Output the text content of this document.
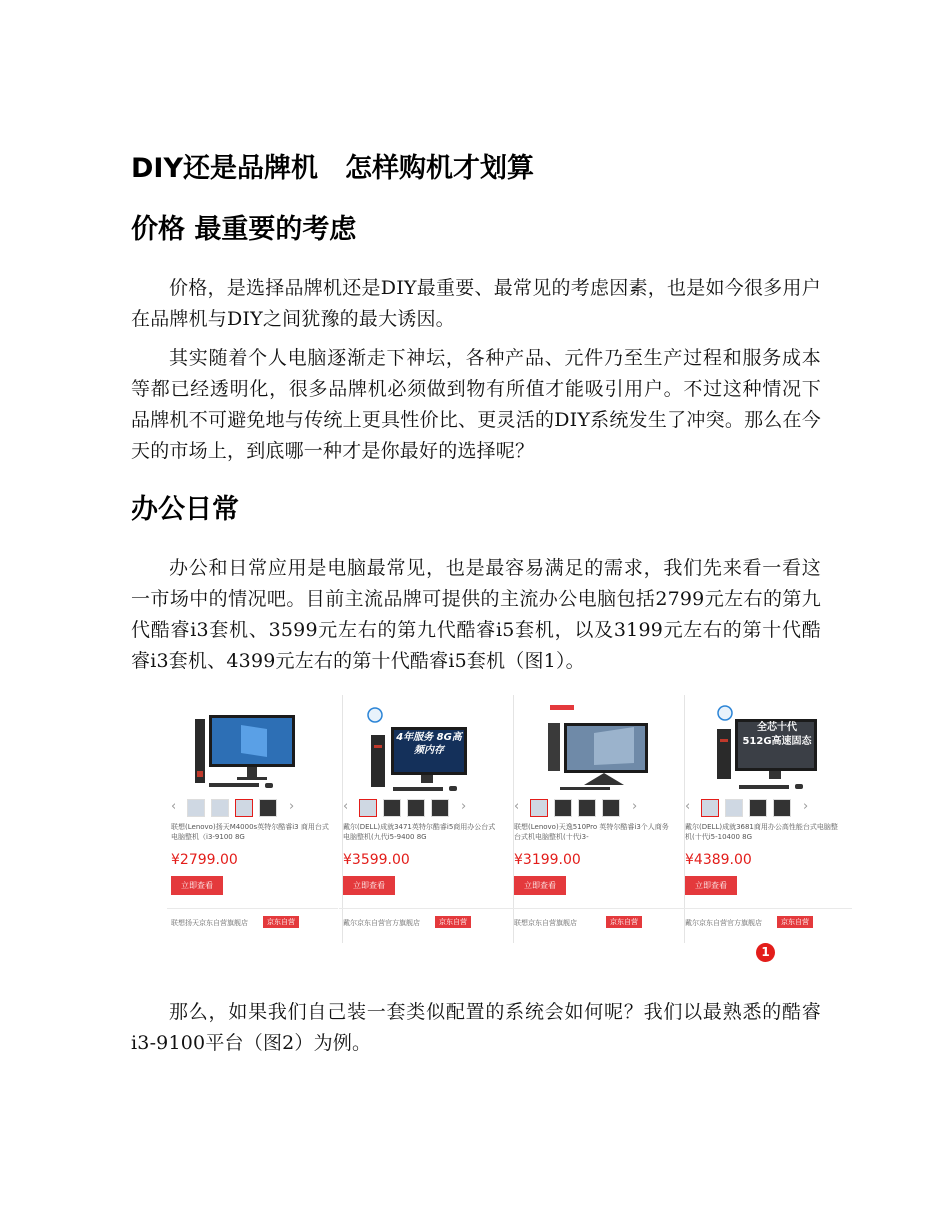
DIY还是品牌机　怎样购机才划算
价格 最重要的考虑

价格，是选择品牌机还是DIY最重要、最常见的考虑因素，也是如今很多用户在品牌机与DIY之间犹豫的最大诱因。

其实随着个人电脑逐渐走下神坛，各种产品、元件乃至生产过程和服务成本等都已经透明化，很多品牌机必须做到物有所值才能吸引用户。不过这种情况下品牌机不可避免地与传统上更具性价比、更灵活的DIY系统发生了冲突。那么在今天的市场上，到底哪一种才是你最好的选择呢？

办公日常

办公和日常应用是电脑最常见，也是最容易满足的需求，我们先来看一看这一市场中的情况吧。目前主流品牌可提供的主流办公电脑包括2799元左右的第九代酷睿i3套机、3599元左右的第九代酷睿i5套机，以及3199元左右的第十代酷睿i3套机、4399元左右的第十代酷睿i5套机（图1）。

‹	›
联想(Lenovo)扬天M4000s英特尔酷睿i3 商用台式电脑整机（i3-9100 8G
¥2799.00
立即查看
联想扬天京东自营旗舰店	京东自营
4年服务 8G高频内存
‹	›
戴尔(DELL)成就3471英特尔酷睿i5商用办公台式电脑整机(九代i5-9400 8G
¥3599.00
立即查看
戴尔京东自营官方旗舰店	京东自营
‹	›
联想(Lenovo)天逸510Pro 英特尔酷睿i3个人商务台式机电脑整机(十代i3-
¥3199.00
立即查看
联想京东自营旗舰店	京东自营
全芯十代 512G高速固态
‹	›
戴尔(DELL)成就3681商用办公高性能台式电脑整机(十代i5-10400 8G
¥4389.00
立即查看
戴尔京东自营官方旗舰店	京东自营
1

那么，如果我们自己装一套类似配置的系统会如何呢？我们以最熟悉的酷睿i3-9100平台（图2）为例。
